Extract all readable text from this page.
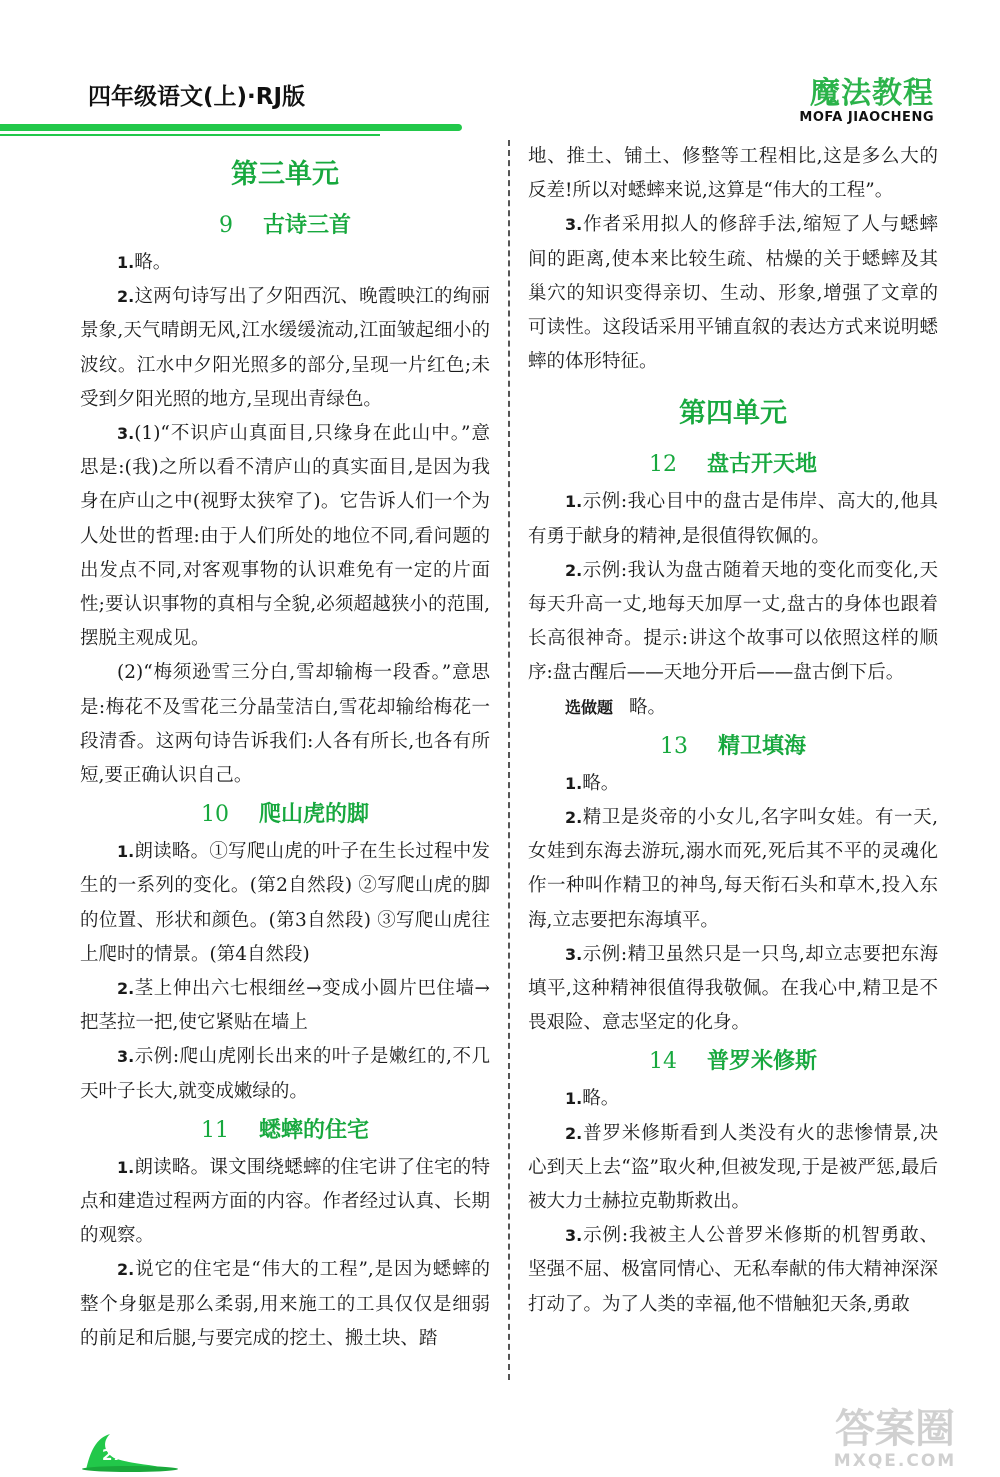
四年级语文(上)·RJ版	魔法教程
MOFA JIAOCHENG
第三单元
9 古诗三首

1.略。

2.这两句诗写出了夕阳西沉、晚霞映江的绚丽景象,天气晴朗无风,江水缓缓流动,江面皱起细小的波纹。江水中夕阳光照多的部分,呈现一片红色;未受到夕阳光照的地方,呈现出青绿色。

3.(1)“不识庐山真面目,只缘身在此山中。”意思是:(我)之所以看不清庐山的真实面目,是因为我身在庐山之中(视野太狭窄了)。它告诉人们一个为人处世的哲理:由于人们所处的地位不同,看问题的出发点不同,对客观事物的认识难免有一定的片面性;要认识事物的真相与全貌,必须超越狭小的范围,摆脱主观成见。

(2)“梅须逊雪三分白,雪却输梅一段香。”意思是:梅花不及雪花三分晶莹洁白,雪花却输给梅花一段清香。这两句诗告诉我们:人各有所长,也各有所短,要正确认识自己。

10 爬山虎的脚

1.朗读略。①写爬山虎的叶子在生长过程中发生的一系列的变化。(第2自然段) ②写爬山虎的脚的位置、形状和颜色。(第3自然段) ③写爬山虎往上爬时的情景。(第4自然段)

2.茎上伸出六七根细丝→变成小圆片巴住墙→把茎拉一把,使它紧贴在墙上

3.示例:爬山虎刚长出来的叶子是嫩红的,不几天叶子长大,就变成嫩绿的。

11 蟋蟀的住宅

1.朗读略。课文围绕蟋蟀的住宅讲了住宅的特点和建造过程两方面的内容。作者经过认真、长期的观察。

2.说它的住宅是“伟大的工程”,是因为蟋蟀的整个身躯是那么柔弱,用来施工的工具仅仅是细弱的前足和后腿,与要完成的挖土、搬土块、踏

地、推土、铺土、修整等工程相比,这是多么大的反差!所以对蟋蟀来说,这算是“伟大的工程”。

3.作者采用拟人的修辞手法,缩短了人与蟋蟀间的距离,使本来比较生疏、枯燥的关于蟋蟀及其巢穴的知识变得亲切、生动、形象,增强了文章的可读性。这段话采用平铺直叙的表达方式来说明蟋蟀的体形特征。

第四单元
12 盘古开天地

1.示例:我心目中的盘古是伟岸、高大的,他具有勇于献身的精神,是很值得钦佩的。

2.示例:我认为盘古随着天地的变化而变化,天每天升高一丈,地每天加厚一丈,盘古的身体也跟着长高很神奇。提示:讲这个故事可以依照这样的顺序:盘古醒后——天地分开后——盘古倒下后。

选做题 略。

13 精卫填海

1.略。

2.精卫是炎帝的小女儿,名字叫女娃。有一天,女娃到东海去游玩,溺水而死,死后其不平的灵魂化作一种叫作精卫的神鸟,每天衔石头和草木,投入东海,立志要把东海填平。

3.示例:精卫虽然只是一只鸟,却立志要把东海填平,这种精神很值得我敬佩。在我心中,精卫是不畏艰险、意志坚定的化身。

14 普罗米修斯

1.略。

2.普罗米修斯看到人类没有火的悲惨情景,决心到天上去“盗”取火种,但被发现,于是被严惩,最后被大力士赫拉克勒斯救出。

3.示例:我被主人公普罗米修斯的机智勇敢、坚强不屈、极富同情心、无私奉献的伟大精神深深打动了。为了人类的幸福,他不惜触犯天条,勇敢

270
答案圈
MXQE.COM
